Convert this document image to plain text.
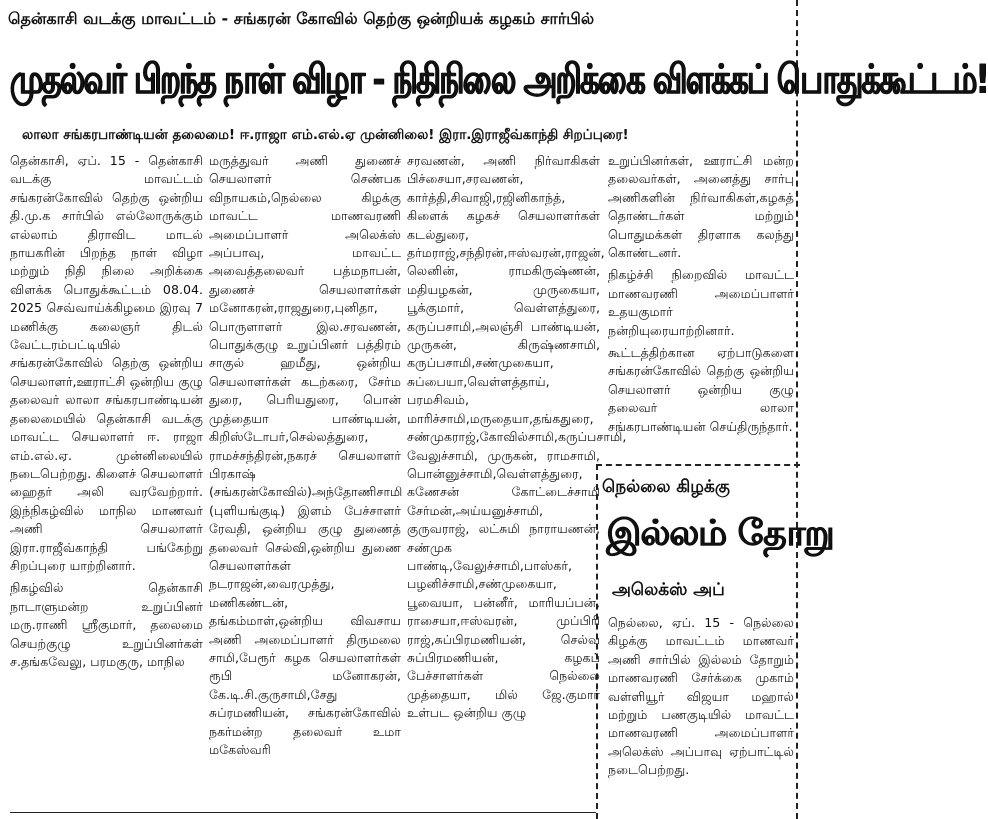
தென்காசி வடக்கு மாவட்டம் - சங்கரன் கோவில் தெற்கு ஒன்றியக் கழகம் சார்பில்
முதல்வர் பிறந்த நாள் விழா - நிதிநிலை அறிக்கை விளக்கப் பொதுக்கூட்டம்!
லாலா சங்கரபாண்டியன் தலைமை! ஈ.ராஜா எம்.எல்.ஏ முன்னிலை! இரா.இராஜீவ்காந்தி சிறப்புரை!

தென்காசி, ஏப். 15 - தென்காசி வடக்கு மாவட்டம் சங்கரன்கோவில் தெற்கு ஒன்றிய தி.மு.க சார்பில் எல்லோருக்கும் எல்லாம் திராவிட மாடல் நாயகரின் பிறந்த நாள் விழா மற்றும் நிதி நிலை அறிக்கை விளக்க பொதுக்கூட்டம் 08.04. 2025 செவ்வாய்க்கிழமை இரவு 7 மணிக்கு கலைஞர் திடல் வேட்டரம்பட்டியில் சங்கரன்கோவில் தெற்கு ஒன்றிய செயலாளர்,ஊராட்சி ஒன்றிய குழு தலைவர் லாலா சங்கரபாண்டியன் தலைமையில் தென்காசி வடக்கு மாவட்ட செயலாளர் ஈ. ராஜா எம்.எல்.ஏ. முன்னிலையில் நடைபெற்றது. கிளைச் செயலாளர் ஹைதர் அலி வரவேற்றார். இந்நிகழ்வில் மாநில மாணவர் அணி செயலாளர் இரா.ராஜீவ்காந்தி பங்கேற்று சிறப்புரை யாற்றினார்.

நிகழ்வில் தென்காசி நாடாளுமன்ற உறுப்பினர் மரு.ராணி ஸ்ரீகுமார், தலைமை செயற்குழு உறுப்பினர்கள் ச.தங்கவேலு, பரமகுரு, மாநில

மருத்துவர் அணி துணைச் செயலாளர் செண்பக விநாயகம்,நெல்லை கிழக்கு மாவட்ட மாணவரணி அமைப்பாளர் அலெக்ஸ் அப்பாவு, மாவட்ட அவைத்தலைவர் பத்மநாபன், துணைச் செயலாளர்கள் மனோகரன்,ராஜதுரை,புனிதா, பொருளாளர் இல.சரவணன், பொதுக்குழு உறுப்பினர் பத்திரம் சாகுல் ஹமீது, ஒன்றிய செயலாளர்கள் கடற்கரை, சேர்ம துரை, பெரியதுரை, பொன் முத்தையா பாண்டியன், கிறிஸ்டோபர்,செல்லத்துரை, ராமச்சந்திரன்,நகரச் செயலாளர் பிரகாஷ் (சங்கரன்கோவில்)அந்தோணிசாமி (புளியங்குடி) இளம் பேச்சாளர் ரேவதி, ஒன்றிய குழு துணைத் தலைவர் செல்வி,ஒன்றிய துணை செயலாளர்கள் நடராஜன்,வைரமுத்து, மணிகண்டன், தங்கம்மாள்,ஒன்றிய விவசாய அணி அமைப்பாளர் திருமலை சாமி,பேரூர் கழக செயலாளர்கள் ரூபி மனோகரன், கே.டி.சி.குருசாமி,சேது சுப்ரமணியன், சங்கரன்கோவில் நகர்மன்ற தலைவர் உமா மகேஸ்வரி

சரவணன், அணி நிர்வாகிகள் பிச்சையா,சரவணன், கார்த்தி,சிவாஜி,ரஜினிகாந்த், கிளைக் கழகச் செயலாளர்கள் கடல்துரை, தர்மராஜ்,சந்திரன்,ஈஸ்வரன்,ராஜன், லெனின், ராமகிருஷ்ணன், மதியழகன், முருகையா, பூக்குமார், வெள்ளத்துரை, கருப்பசாமி,அலஞ்சி பாண்டியன், முருகன், கிருஷ்ணசாமி, கருப்பசாமி,சண்முகையா, சுப்பையா,வெள்ளத்தாய், பரமசிவம், மாரிச்சாமி,மருதையா,தங்கதுரை, சண்முகராஜ்,கோவில்சாமி,கருப்பசாமி, வேலுச்சாமி, முருகன், ராமசாமி, பொன்னுச்சாமி,வெள்ளத்துரை, கணேசன் கோட்டைச்சாமி சேர்மன்,அய்யனுச்சாமி, குருவராஜ், லட்சுமி நாராயணன், சண்முக பாண்டி,வேலுச்சாமி,பாஸ்கர், பழனிச்சாமி,சண்முகையா, பூவையா, பன்னீர், மாரியப்பன், ராசையா,ஈஸ்வரன், முப்பிரி ராஜ்,சுப்பிரமணியன், செல்வ சுப்பிரமணியன், கழகப் பேச்சாளர்கள் நெல்லை முத்தையா, மில் ஜே.குமார் உள்பட ஒன்றிய குழு

உறுப்பினர்கள், ஊராட்சி மன்ற தலைவர்கள், அனைத்து சார்பு அணிகளின் நிர்வாகிகள்,கழகத் தொண்டர்கள் மற்றும் பொதுமக்கள் திரளாக கலந்து கொண்டனர்.

நிகழ்ச்சி நிறைவில் மாவட்ட மாணவரணி அமைப்பாளர் உதயகுமார் நன்றியுரையாற்றினார்.

கூட்டத்திற்கான ஏற்பாடுகளை சங்கரன்கோவில் தெற்கு ஒன்றிய செயலாளர் ஒன்றிய குழு தலைவர் லாலா சங்கரபாண்டியன் செய்திருந்தார்.

நெல்லை கிழக்கு
இல்லம் தோறு
அலெக்ஸ் அப்

நெல்லை, ஏப். 15 - நெல்லை கிழக்கு மாவட்டம் மாணவர் அணி சார்பில் இல்லம் தோறும் மாணவரணி சேர்க்கை முகாம் வள்ளியூர் விஜயா மஹால் மற்றும் பணகுடியில் மாவட்ட மாணவரணி அமைப்பாளர் அலெக்ஸ் அப்பாவு ஏற்பாட்டில் நடைபெற்றது.
